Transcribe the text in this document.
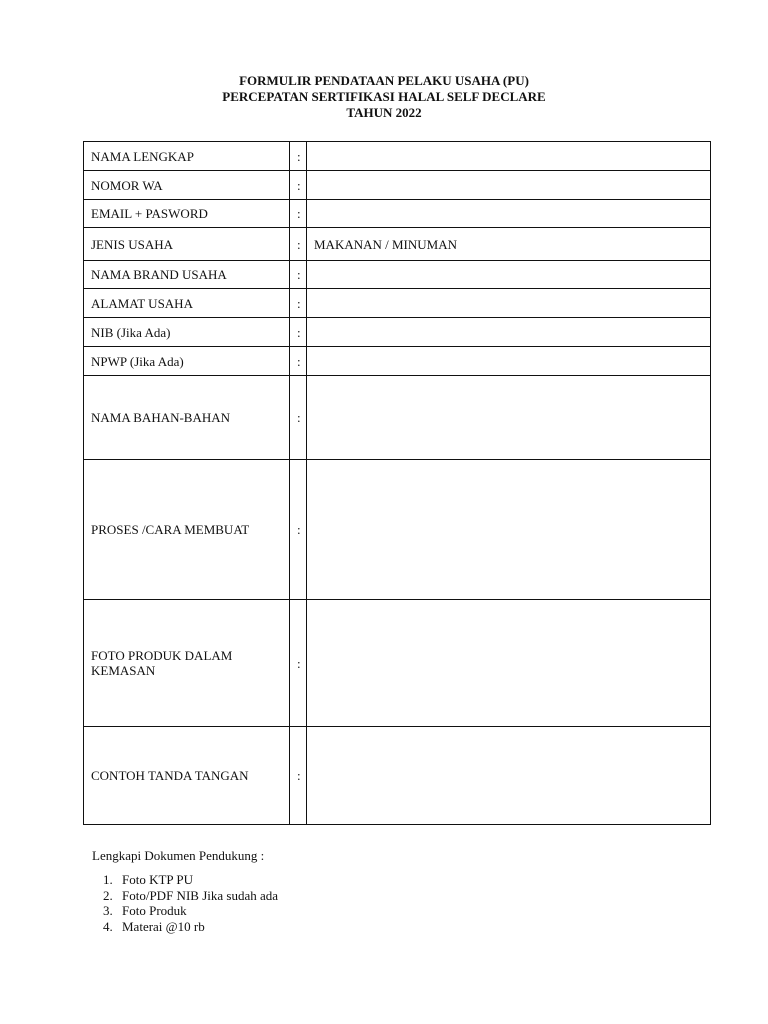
FORMULIR PENDATAAN PELAKU USAHA (PU)
PERCEPATAN SERTIFIKASI HALAL SELF DECLARE
TAHUN 2022
NAMA LENGKAP	:	
NOMOR WA	:	
EMAIL + PASWORD	:	
JENIS USAHA	:	MAKANAN / MINUMAN
NAMA BRAND USAHA	:	
ALAMAT USAHA	:	
NIB (Jika Ada)	:	
NPWP (Jika Ada)	:	
NAMA BAHAN-BAHAN	:	
PROSES /CARA MEMBUAT	:	
FOTO PRODUK DALAM KEMASAN	:	
CONTOH TANDA TANGAN	:	
Lengkapi Dokumen Pendukung :
1. Foto KTP PU
2. Foto/PDF NIB Jika sudah ada
3. Foto Produk
4. Materai @10 rb
